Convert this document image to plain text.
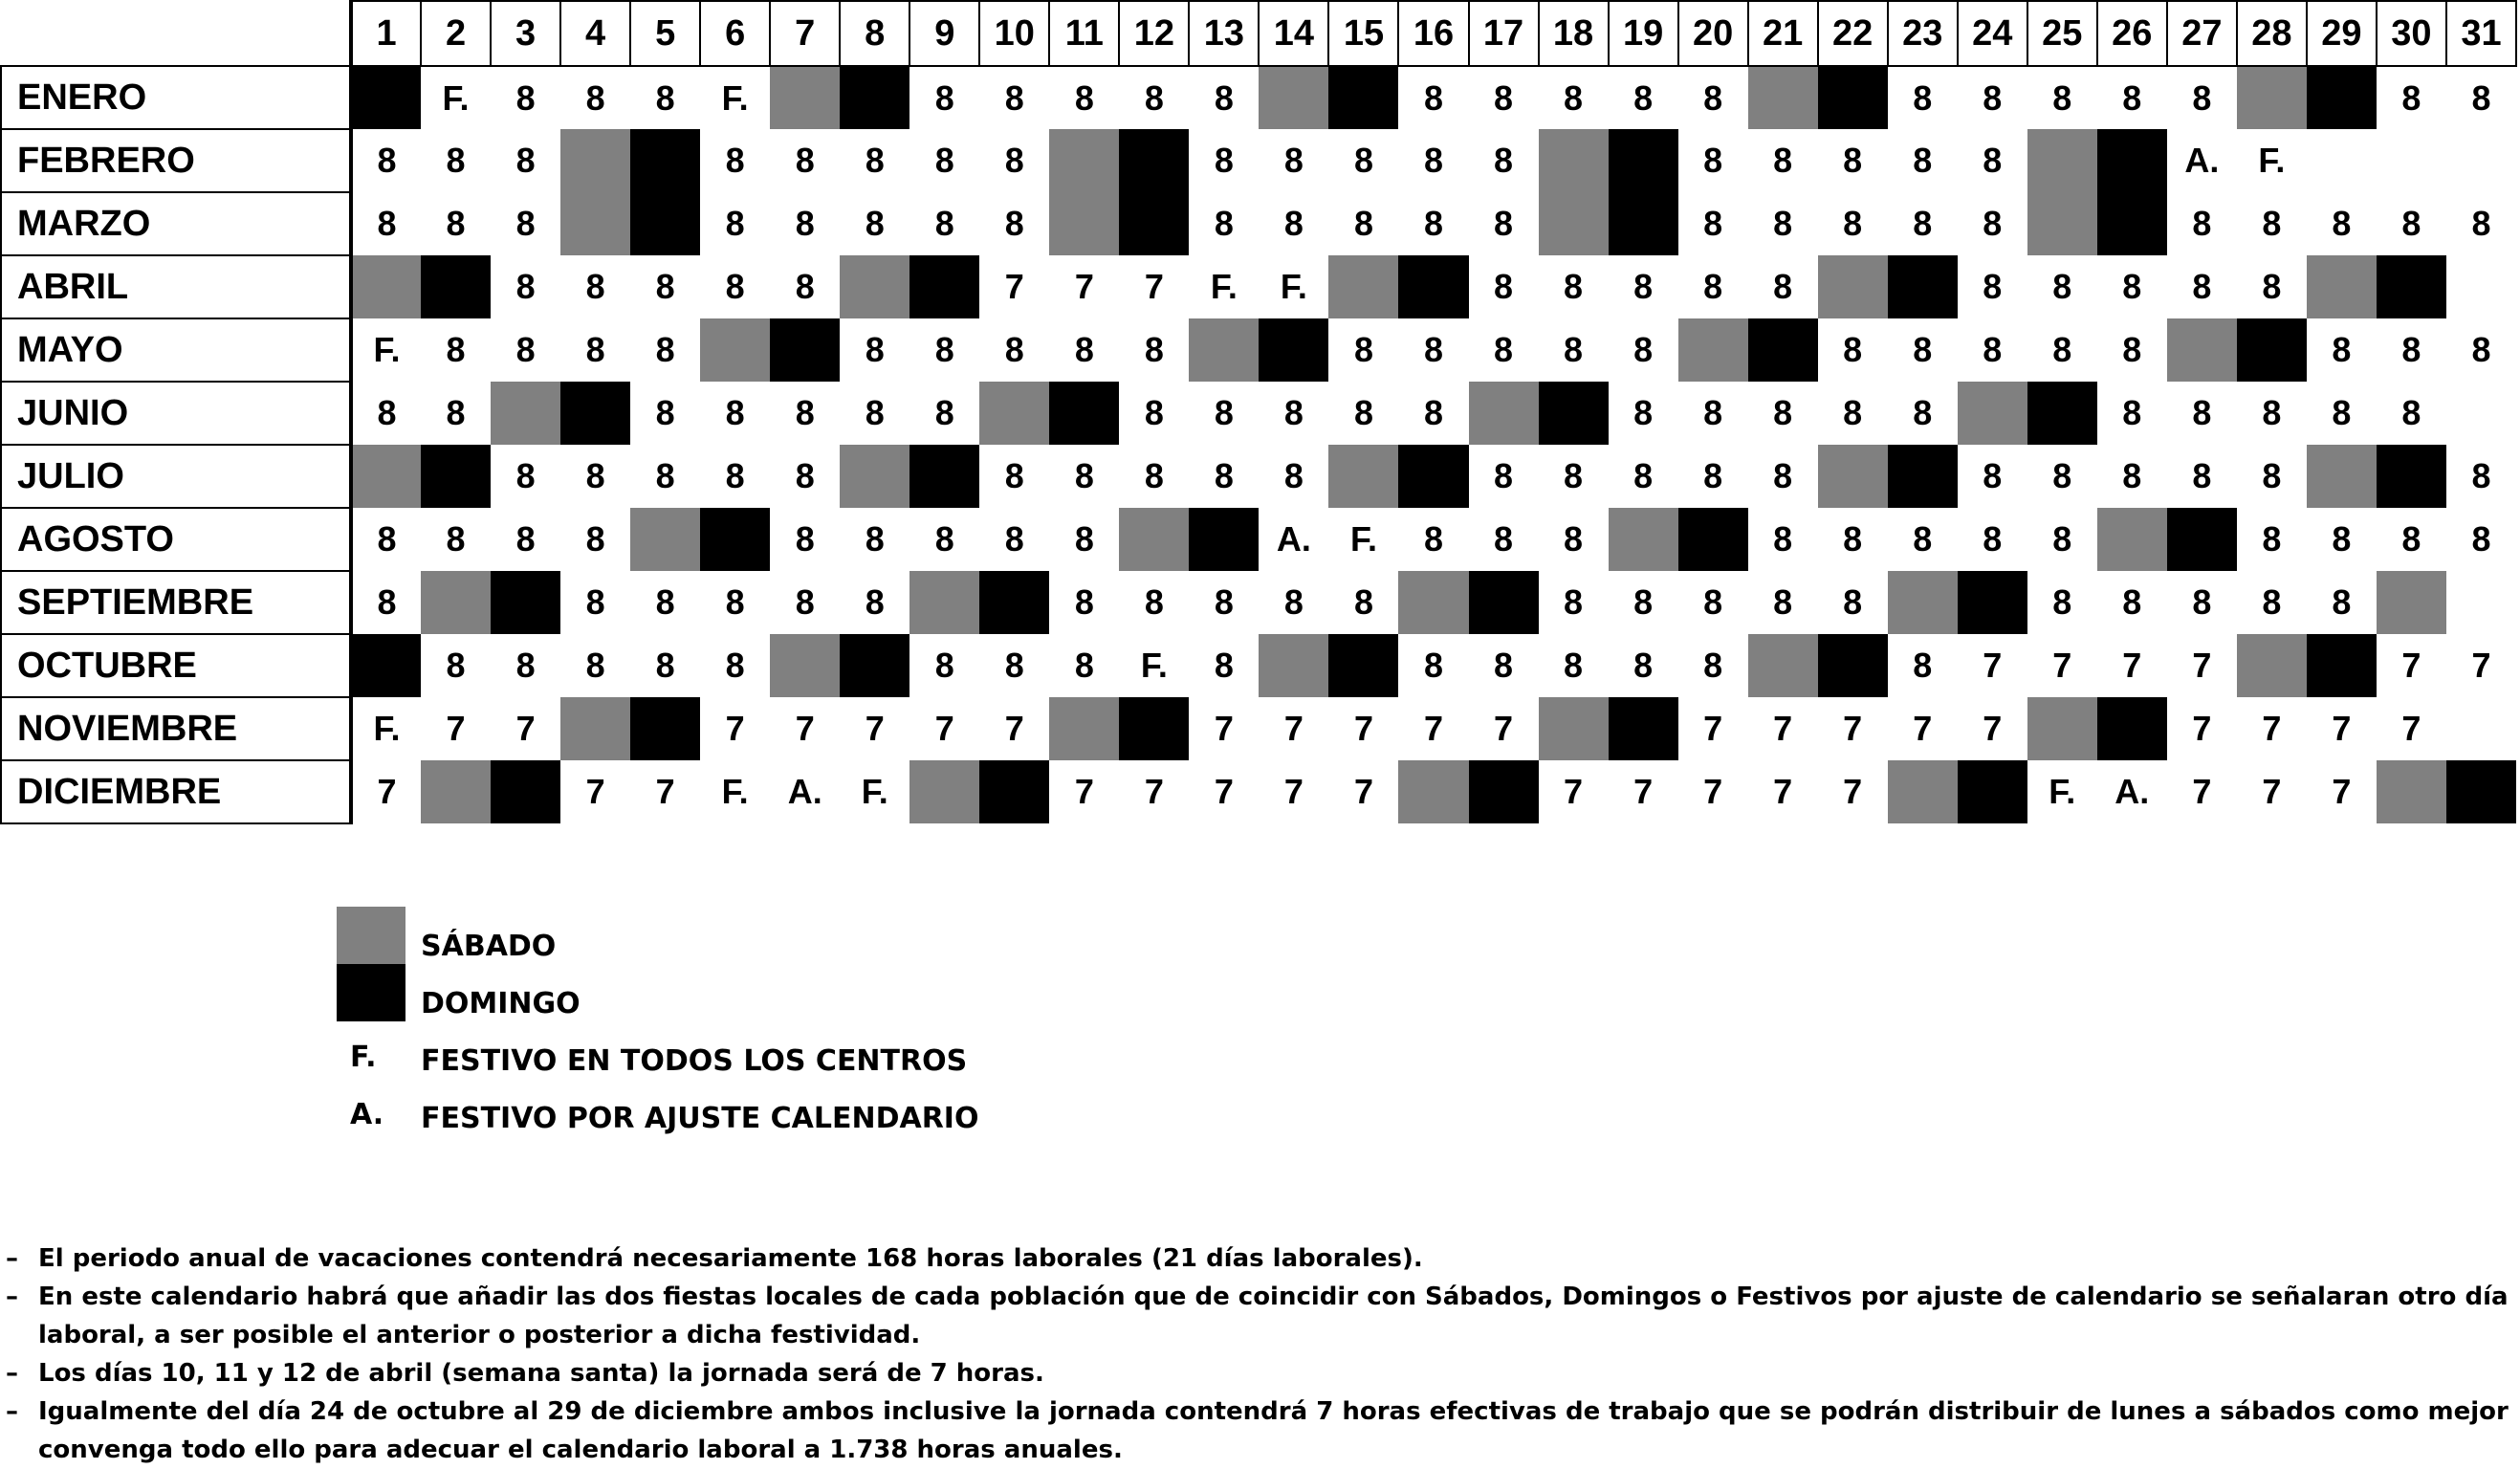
	1	2	3	4	5	6	7	8	9	10	11	12	13	14	15	16	17	18	19	20	21	22	23	24	25	26	27	28	29	30	31
ENERO		F.	8	8	8	F.			8	8	8	8	8			8	8	8	8	8			8	8	8	8	8			8	8
FEBRERO	8	8	8			8	8	8	8	8			8	8	8	8	8			8	8	8	8	8			A.	F.			
MARZO	8	8	8			8	8	8	8	8			8	8	8	8	8			8	8	8	8	8			8	8	8	8	8
ABRIL			8	8	8	8	8			7	7	7	F.	F.			8	8	8	8	8			8	8	8	8	8			
MAYO	F.	8	8	8	8			8	8	8	8	8			8	8	8	8	8			8	8	8	8	8			8	8	8
JUNIO	8	8			8	8	8	8	8			8	8	8	8	8			8	8	8	8	8			8	8	8	8	8	
JULIO			8	8	8	8	8			8	8	8	8	8			8	8	8	8	8			8	8	8	8	8			8
AGOSTO	8	8	8	8			8	8	8	8	8			A.	F.	8	8	8			8	8	8	8	8			8	8	8	8
SEPTIEMBRE	8			8	8	8	8	8			8	8	8	8	8			8	8	8	8	8			8	8	8	8	8		
OCTUBRE		8	8	8	8	8			8	8	8	F.	8			8	8	8	8	8			8	7	7	7	7			7	7
NOVIEMBRE	F.	7	7			7	7	7	7	7			7	7	7	7	7			7	7	7	7	7			7	7	7	7	
DICIEMBRE	7			7	7	F.	A.	F.			7	7	7	7	7			7	7	7	7	7			F.	A.	7	7	7		
SÁBADO
DOMINGO
F. FESTIVO EN TODOS LOS CENTROS
A. FESTIVO POR AJUSTE CALENDARIO
– El periodo anual de vacaciones contendrá necesariamente 168 horas laborales (21 días laborales).
– En este calendario habrá que añadir las dos fiestas locales de cada población que de coincidir con Sábados, Domingos o Festivos por ajuste de calendario se señalaran otro día laboral, a ser posible el anterior o posterior a dicha festividad.
– Los días 10, 11 y 12 de abril (semana santa) la jornada será de 7 horas.
– Igualmente del día 24 de octubre al 29 de diciembre ambos inclusive la jornada contendrá 7 horas efectivas de trabajo que se podrán distribuir de lunes a sábados como mejor convenga todo ello para adecuar el calendario laboral a 1.738 horas anuales.
